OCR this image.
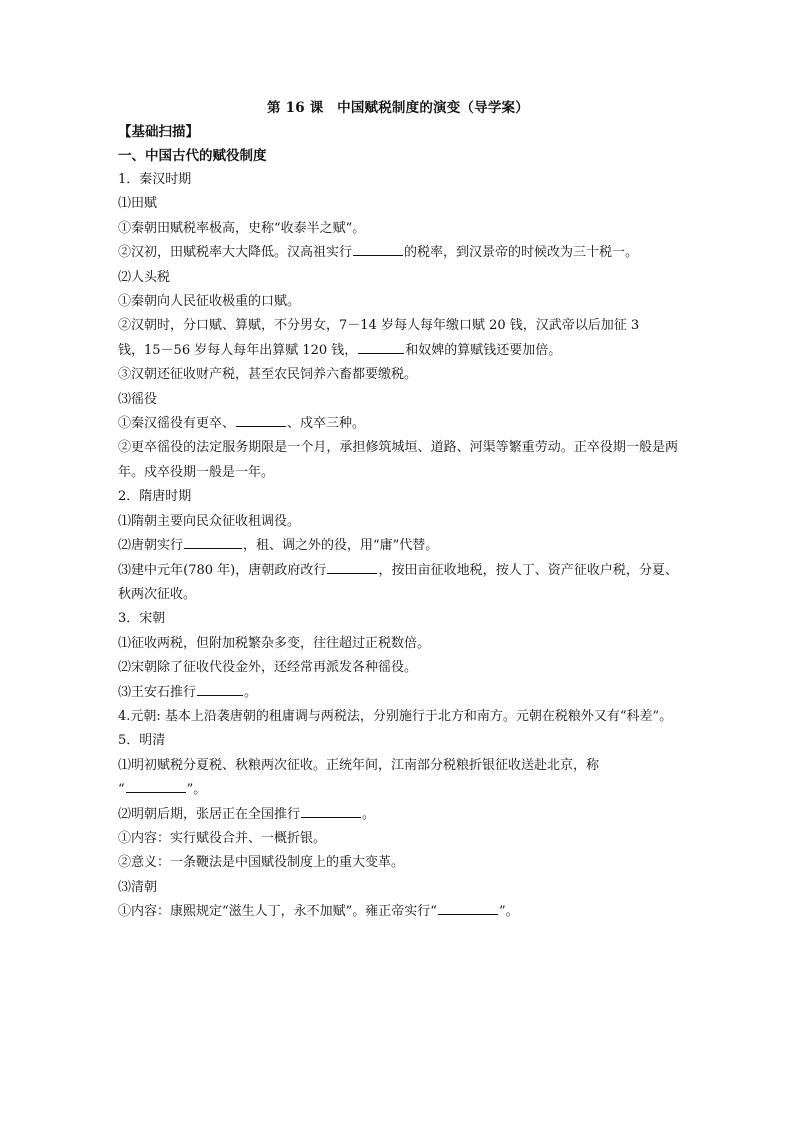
第 16 课　中国赋税制度的演变（导学案）
【基础扫描】
一、中国古代的赋役制度
1．秦汉时期
⑴田赋
①秦朝田赋税率极高，史称“收泰半之赋”。
②汉初，田赋税率大大降低。汉高祖实行	的税率，到汉景帝的时候改为三十税一。
⑵人头税
①秦朝向人民征收极重的口赋。
②汉朝时，分口赋、算赋，不分男女，7－14 岁每人每年缴口赋 20 钱，汉武帝以后加征 3
钱，15－56 岁每人每年出算赋 120 钱，	和奴婢的算赋钱还要加倍。
③汉朝还征收财产税，甚至农民饲养六畜都要缴税。
⑶徭役
①秦汉徭役有更卒、	、戍卒三种。
②更卒徭役的法定服务期限是一个月，承担修筑城垣、道路、河渠等繁重劳动。正卒役期一般是两年。戍卒役期一般是一年。
2．隋唐时期
⑴隋朝主要向民众征收租调役。
⑵唐朝实行	，租、调之外的役，用“庸”代替。
⑶建中元年(780 年)，唐朝政府改行	，按田亩征收地税，按人丁、资产征收户税，分夏、秋两次征收。
3．宋朝
⑴征收两税，但附加税繁杂多变，往往超过正税数倍。
⑵宋朝除了征收代役金外，还经常再派发各种徭役。
⑶王安石推行	。
4.元朝: 基本上沿袭唐朝的租庸调与两税法，分别施行于北方和南方。元朝在税粮外又有“科差”。
5．明清
⑴明初赋税分夏税、秋粮两次征收。正统年间，江南部分税粮折银征收送赴北京，称
“	”。
⑵明朝后期，张居正在全国推行	。
①内容：实行赋役合并、一概折银。
②意义：一条鞭法是中国赋役制度上的重大变革。
⑶清朝
①内容：康熙规定“滋生人丁，永不加赋”。雍正帝实行“	”。
